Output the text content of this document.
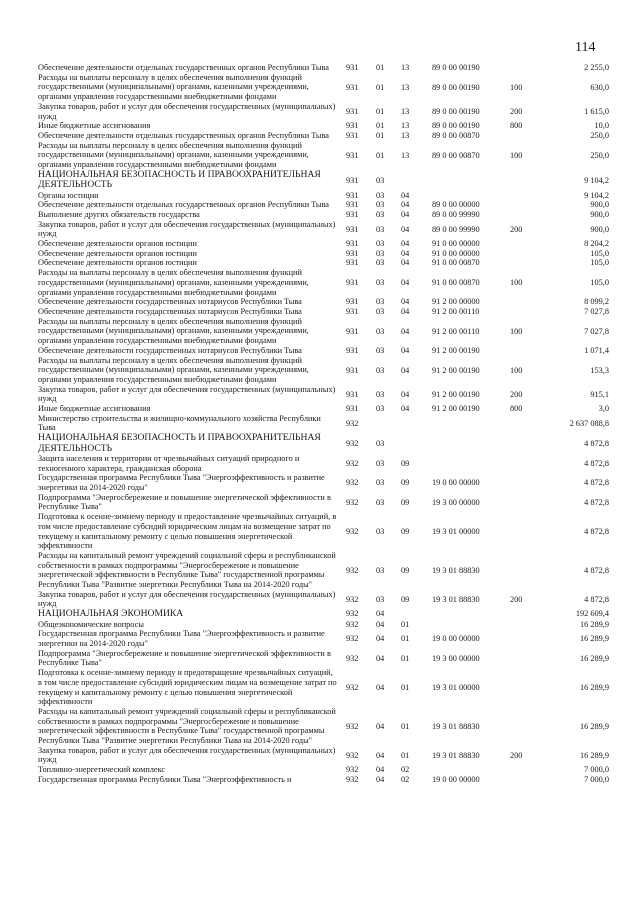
114
Обеспечение деятельности отдельных государственных органов Республики Тыва	931 01 13	89 0 00 00190	2 255,0
Расходы на выплаты персоналу в целях обеспечения выполнения функций государственными (муниципальными) органами, казенными учреждениями, органами управления государственными внебюджетными фондами
931 01 13	89 0 00 00190	100	630,0
Закупка товаров, работ и услуг для обеспечения государственных (муниципальных) нужд
931 01 13	89 0 00 00190	200	1 615,0
Иные бюджетные ассигнования	931 01 13	89 0 00 00190	800	10,0
Обеспечение деятельности отдельных государственных органов Республики Тыва	931 01 13	89 0 00 00870	250,0
Расходы на выплаты персоналу в целях обеспечения выполнения функций государственными (муниципальными) органами, казенными учреждениями, органами управления государственными внебюджетными фондами
931 01 13	89 0 00 00870	100	250,0
НАЦИОНАЛЬНАЯ БЕЗОПАСНОСТЬ И ПРАВООХРАНИТЕЛЬНАЯ ДЕЯТЕЛЬНОСТЬ	931 03	9 104,2
Органы юстиции	931 03 04	9 104,2
Обеспечение деятельности отдельных государственных органов Республики Тыва	931 03 04	89 0 00 00000	900,0
Выполнение других обязательств государства	931 03 04	89 0 00 99990	900,0
Закупка товаров, работ и услуг для обеспечения государственных (муниципальных) нужд
931 03 04	89 0 00 99990	200	900,0
Обеспечение деятельности органов юстиции	931 03 04	91 0 00 00000	8 204,2
Обеспечение деятельности органов юстиции	931 03 04	91 0 00 00000	105,0
Обеспечение деятельности органов юстиции	931 03 04	91 0 00 00870	105,0
Расходы на выплаты персоналу в целях обеспечения выполнения функций государственными (муниципальными) органами, казенными учреждениями, органами управления государственными внебюджетными фондами
931 03 04	91 0 00 00870	100	105,0
Обеспечение деятельности государственных нотариусов Республики Тыва	931 03 04	91 2 00 00000	8 099,2
Обеспечение деятельности государственных нотариусов Республики Тыва	931 03 04	91 2 00 00110	7 027,8
Расходы на выплаты персоналу в целях обеспечения выполнения функций государственными (муниципальными) органами, казенными учреждениями, органами управления государственными внебюджетными фондами
931 03 04	91 2 00 00110	100	7 027,8
Обеспечение деятельности государственных нотариусов Республики Тыва	931 03 04	91 2 00 00190	1 071,4
Расходы на выплаты персоналу в целях обеспечения выполнения функций государственными (муниципальными) органами, казенными учреждениями, органами управления государственными внебюджетными фондами
931 03 04	91 2 00 00190	100	153,3
Закупка товаров, работ и услуг для обеспечения государственных (муниципальных) нужд
931 03 04	91 2 00 00190	200	915,1
Иные бюджетные ассигнования	931 03 04	91 2 00 00190	800	3,0
Министерство строительства и жилищно-коммунального хозяйства Республики Тыва
932	2 637 088,8
НАЦИОНАЛЬНАЯ БЕЗОПАСНОСТЬ И ПРАВООХРАНИТЕЛЬНАЯ ДЕЯТЕЛЬНОСТЬ	932 03	4 872,8
Защита населения и территории от чрезвычайных ситуаций природного и техногенного характера, гражданская оборона
932 03 09	4 872,8
Государственная программа Республики Тыва "Энергоэффективность и развитие энергетики на 2014-2020 годы"
932 03 09	19 0 00 00000	4 872,8
Подпрограмма "Энергосбережение и повышение энергетической эффективности в Республике Тыва"
932 03 09	19 3 00 00000	4 872,8
Подготовка к осенне-зимнему периоду и предоставление чрезвычайных ситуаций, в том числе предоставление субсидий юридическим лицам на возмещение затрат по текущему и капитальному ремонту с целью повышения энергетической эффективности
932 03 09	19 3 01 00000	4 872,8
Расходы на капитальный ремонт учреждений социальной сферы и республиканской собственности в рамках подпрограммы "Энергосбережение и повышение энергетической эффективности в Республике Тыва" государственной программы Республики Тыва "Развитие энергетики Республики Тыва на 2014-2020 годы"
932 03 09	19 3 01 88830	4 872,8
Закупка товаров, работ и услуг для обеспечения государственных (муниципальных) нужд
932 03 09	19 3 01 88830	200	4 872,8
НАЦИОНАЛЬНАЯ ЭКОНОМИКА	932 04	192 609,4
Общеэкономические вопросы	932 04 01	16 289,9
Государственная программа Республики Тыва "Энергоэффективность и развитие энергетики на 2014-2020 годы"
932 04 01	19 0 00 00000	16 289,9
Подпрограмма "Энергосбережение и повышение энергетической эффективности в Республике Тыва"
932 04 01	19 3 00 00000	16 289,9
Подготовка к осенне-зимнему периоду и предотвращение чрезвычайных ситуаций, в том числе предоставление субсидий юридическим лицам на возмещение затрат по текущему и капитальному ремонту с целью повышения энергетической эффективности
932 04 01	19 3 01 00000	16 289,9
Расходы на капитальный ремонт учреждений социальной сферы и республиканской собственности в рамках подпрограммы "Энергосбережение и повышение энергетической эффективности в Республике Тыва" государственной программы Республики Тыва "Развитие энергетики Республики Тыва на 2014-2020 годы"
932 04 01	19 3 01 88830	16 289,9
Закупка товаров, работ и услуг для обеспечения государственных (муниципальных) нужд
932 04 01	19 3 01 88830	200	16 289,9
Топливно-энергетический комплекс	932 04 02	7 000,0
Государственная программа Республики Тыва "Энергоэффективность и	932 04 02	19 0 00 00000	7 000,0
